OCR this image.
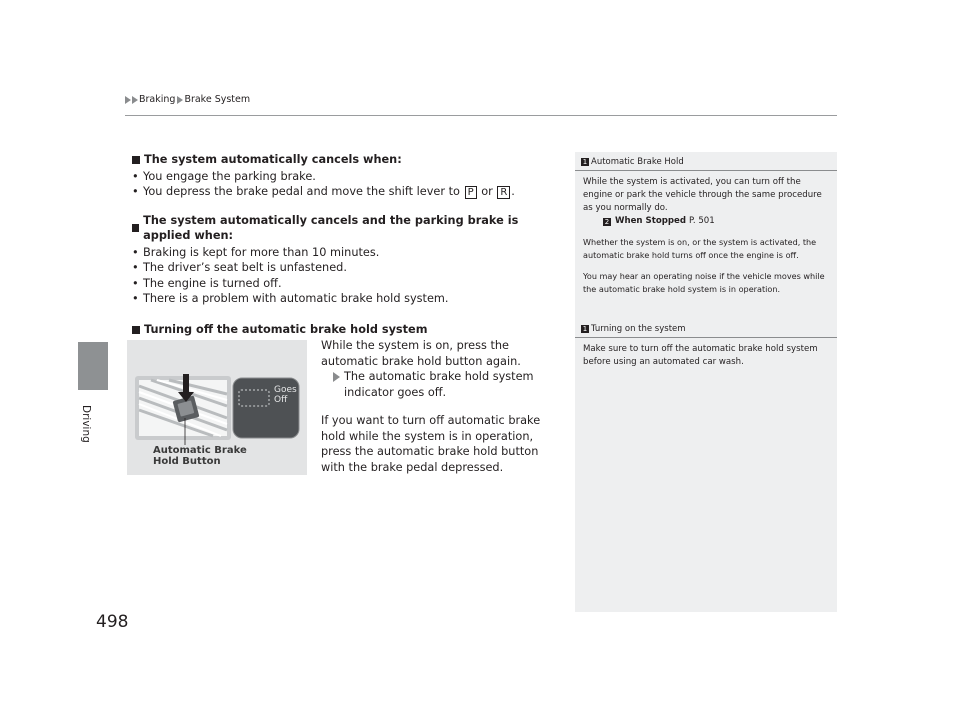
Braking Brake System
Driving
498
The system automatically cancels when:
• You engage the parking brake.
• You depress the brake pedal and move the shift lever to P or R .
The system automatically cancels and the parking brake is applied when:
• Braking is kept for more than 10 minutes.
• The driver’s seat belt is unfastened.
• The engine is turned off.
• There is a problem with automatic brake hold system.
Turning off the automatic brake hold system
Goes
Off
Automatic Brake
Hold Button
While the system is on, press the automatic brake hold button again.
The automatic brake hold system indicator goes off.
If you want to turn off automatic brake hold while the system is in operation, press the automatic brake hold button with the brake pedal depressed.
1 Automatic Brake Hold

While the system is activated, you can turn off the engine or park the vehicle through the same procedure as you normally do.

2 When Stopped P. 501

Whether the system is on, or the system is activated, the automatic brake hold turns off once the engine is off.

You may hear an operating noise if the vehicle moves while the automatic brake hold system is in operation.

1 Turning on the system

Make sure to turn off the automatic brake hold system before using an automated car wash.
